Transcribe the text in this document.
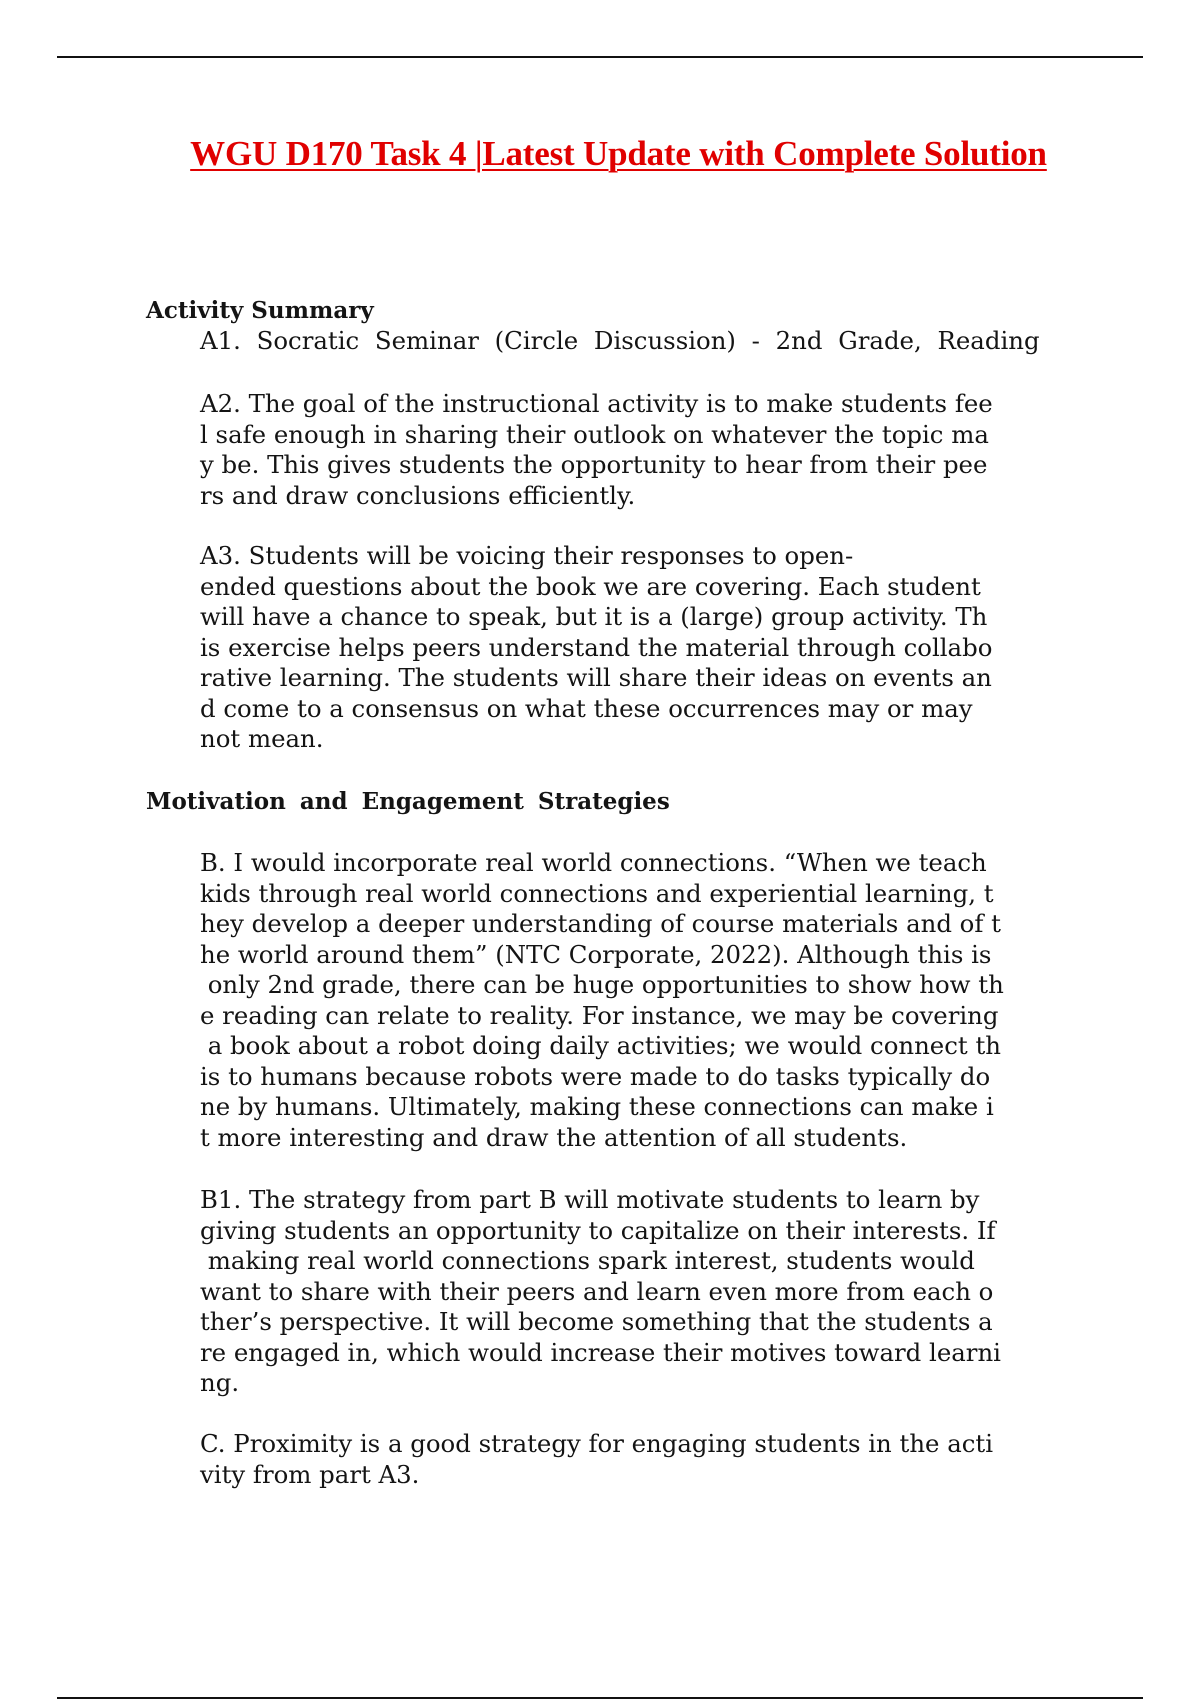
WGU D170 Task 4 |Latest Update with Complete Solution
Activity Summary

A1. Socratic Seminar (Circle Discussion) - 2nd Grade, Reading

A2. The goal of the instructional activity is to make students fee
l safe enough in sharing their outlook on whatever the topic ma
y be. This gives students the opportunity to hear from their pee
rs and draw conclusions efficiently.

A3. Students will be voicing their responses to open-
ended questions about the book we are covering. Each student
will have a chance to speak, but it is a (large) group activity. Th
is exercise helps peers understand the material through collabo
rative learning. The students will share their ideas on events an
d come to a consensus on what these occurrences may or may
not mean.

Motivation and Engagement Strategies

B. I would incorporate real world connections. “When we teach
kids through real world connections and experiential learning, t
hey develop a deeper understanding of course materials and of t
he world around them” (NTC Corporate, 2022). Although this is
only 2nd grade, there can be huge opportunities to show how th
e reading can relate to reality. For instance, we may be covering
a book about a robot doing daily activities; we would connect th
is to humans because robots were made to do tasks typically do
ne by humans. Ultimately, making these connections can make i
t more interesting and draw the attention of all students.

B1. The strategy from part B will motivate students to learn by
giving students an opportunity to capitalize on their interests. If
making real world connections spark interest, students would
want to share with their peers and learn even more from each o
ther’s perspective. It will become something that the students a
re engaged in, which would increase their motives toward learni
ng.

C. Proximity is a good strategy for engaging students in the acti
vity from part A3.
